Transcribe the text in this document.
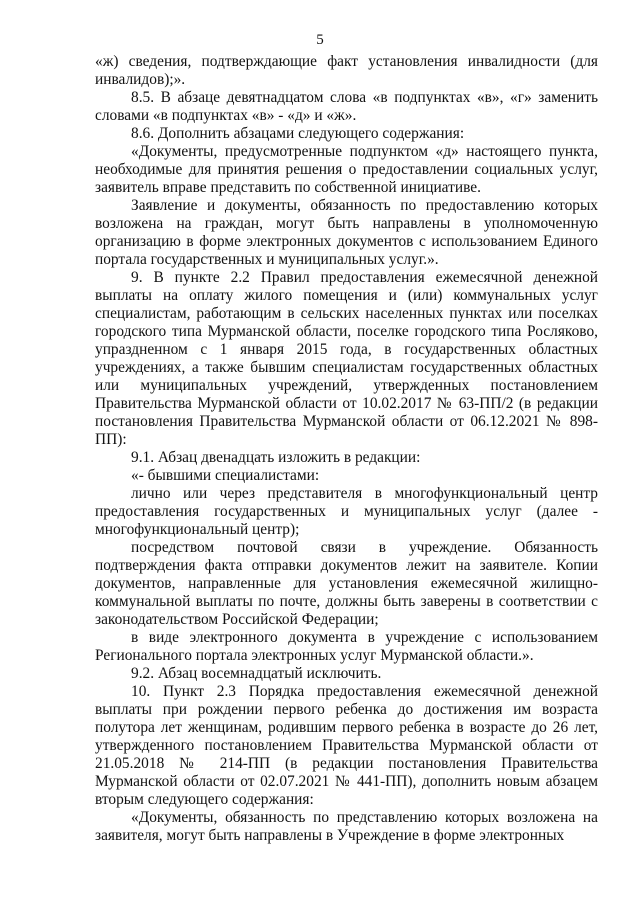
5

«ж) сведения, подтверждающие факт установления инвалидности (для инвалидов);».

8.5. В абзаце девятнадцатом слова «в подпунктах «в», «г» заменить словами «в подпунктах «в» - «д» и «ж».

8.6. Дополнить абзацами следующего содержания:

«Документы, предусмотренные подпунктом «д» настоящего пункта, необходимые для принятия решения о предоставлении социальных услуг, заявитель вправе представить по собственной инициативе.

Заявление и документы, обязанность по предоставлению которых возложена на граждан, могут быть направлены в уполномоченную организацию в форме электронных документов с использованием Единого портала государственных и муниципальных услуг.».

9. В пункте 2.2 Правил предоставления ежемесячной денежной выплаты на оплату жилого помещения и (или) коммунальных услуг специалистам, работающим в сельских населенных пунктах или поселках городского типа Мурманской области, поселке городского типа Росляково, упраздненном с 1 января 2015 года, в государственных областных учреждениях, а также бывшим специалистам государственных областных или муниципальных учреждений, утвержденных постановлением Правительства Мурманской области от 10.02.2017 № 63-ПП/2 (в редакции постановления Правительства Мурманской области от 06.12.2021 № 898-ПП):

9.1. Абзац двенадцать изложить в редакции:

«- бывшими специалистами:

лично или через представителя в многофункциональный центр предоставления государственных и муниципальных услуг (далее - многофункциональный центр);

посредством почтовой связи в учреждение. Обязанность подтверждения факта отправки документов лежит на заявителе. Копии документов, направленные для установления ежемесячной жилищно-коммунальной выплаты по почте, должны быть заверены в соответствии с законодательством Российской Федерации;

в виде электронного документа в учреждение с использованием Регионального портала электронных услуг Мурманской области.».

9.2. Абзац восемнадцатый исключить.

10. Пункт 2.3 Порядка предоставления ежемесячной денежной выплаты при рождении первого ребенка до достижения им возраста полутора лет женщинам, родившим первого ребенка в возрасте до 26 лет, утвержденного постановлением Правительства Мурманской области от 21.05.2018 № 214-ПП (в редакции постановления Правительства Мурманской области от 02.07.2021 № 441-ПП), дополнить новым абзацем вторым следующего содержания:

«Документы, обязанность по представлению которых возложена на заявителя, могут быть направлены в Учреждение в форме электронных
